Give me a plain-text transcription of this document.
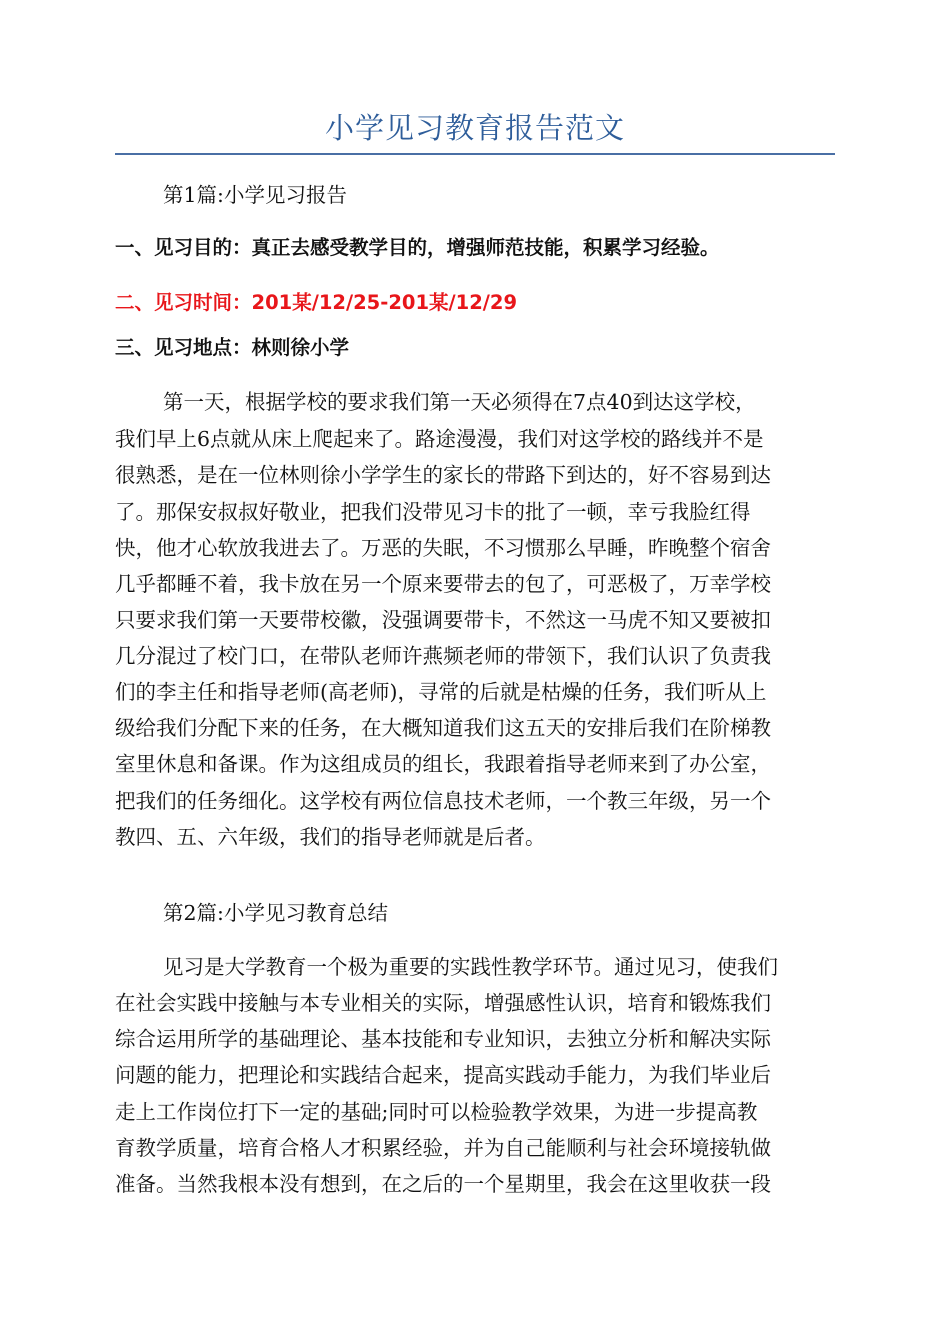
小学见习教育报告范文

第1篇:小学见习报告

一、见习目的：真正去感受教学目的，增强师范技能，积累学习经验。

二、见习时间：201某/12/25-201某/12/29

三、见习地点：林则徐小学

第一天，根据学校的要求我们第一天必须得在7点40到达这学校，

我们早上6点就从床上爬起来了。路途漫漫，我们对这学校的路线并不是

很熟悉，是在一位林则徐小学学生的家长的带路下到达的，好不容易到达

了。那保安叔叔好敬业，把我们没带见习卡的批了一顿，幸亏我脸红得

快，他才心软放我进去了。万恶的失眠，不习惯那么早睡，昨晚整个宿舍

几乎都睡不着，我卡放在另一个原来要带去的包了，可恶极了，万幸学校

只要求我们第一天要带校徽，没强调要带卡，不然这一马虎不知又要被扣

几分混过了校门口，在带队老师许燕频老师的带领下，我们认识了负责我

们的李主任和指导老师(高老师)，寻常的后就是枯燥的任务，我们听从上

级给我们分配下来的任务，在大概知道我们这五天的安排后我们在阶梯教

室里休息和备课。作为这组成员的组长，我跟着指导老师来到了办公室，

把我们的任务细化。这学校有两位信息技术老师，一个教三年级，另一个

教四、五、六年级，我们的指导老师就是后者。

第2篇:小学见习教育总结

见习是大学教育一个极为重要的实践性教学环节。通过见习，使我们

在社会实践中接触与本专业相关的实际，增强感性认识，培育和锻炼我们

综合运用所学的基础理论、基本技能和专业知识，去独立分析和解决实际

问题的能力，把理论和实践结合起来，提高实践动手能力，为我们毕业后

走上工作岗位打下一定的基础;同时可以检验教学效果，为进一步提高教

育教学质量，培育合格人才积累经验，并为自己能顺利与社会环境接轨做

准备。当然我根本没有想到，在之后的一个星期里，我会在这里收获一段
